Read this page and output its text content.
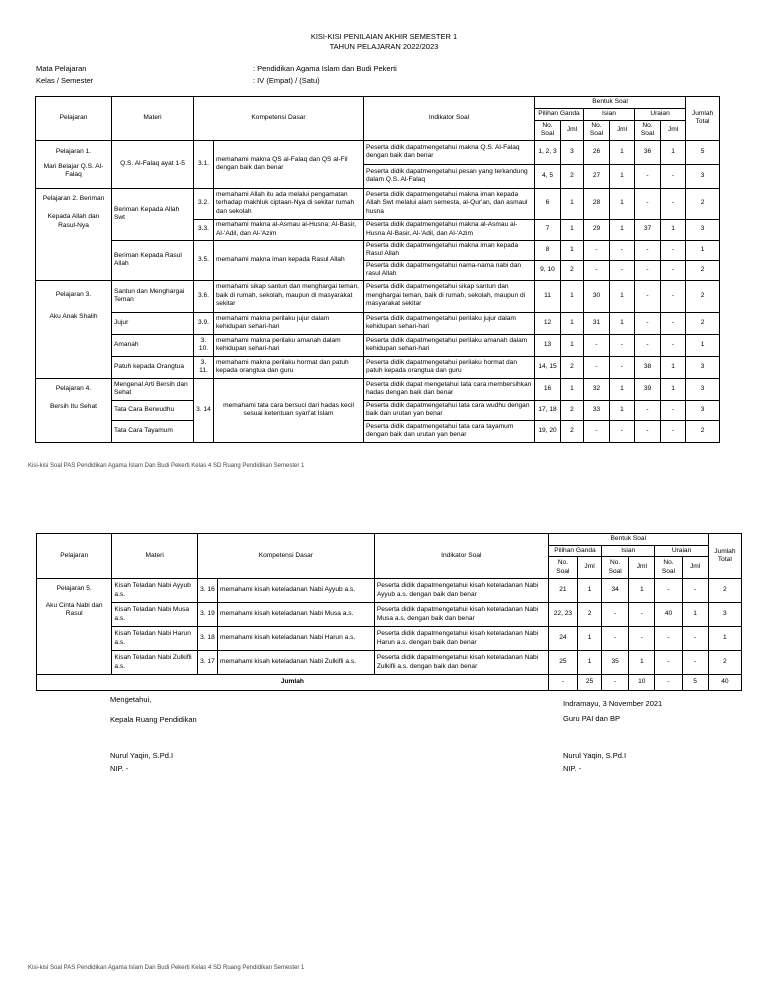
KISI-KISI PENILAIAN AKHIR SEMESTER 1
TAHUN PELAJARAN 2022/2023
Mata Pelajaran	: Pendidikan Agama Islam dan Budi Pekerti
Kelas / Semester	: IV (Empat) / (Satu)
Pelajaran	Materi	Kompetensi Dasar		Indikator Soal	Bentuk Soal						Jumlah Total
					Pilihan Ganda		Isian		Uraian		
					No. Soal	Jml	No. Soal	Jml	No. Soal	Jml	

Pelajaran 1.
Mari Belajar Q.S. Al-Falaq	Q.S. Al-Falaq ayat 1-5	3.1.	memahami makna QS al-Falaq dan QS al-Fil dengan baik dan benar	Peserta didik dapatmengetahui makna Q.S. Al-Falaq dengan baik dan benar	1, 2, 3	3	26	1	36	1	5
				Peserta didik dapatmengetahui pesan yang terkandung dalam Q.S. Al-Falaq	4, 5	2	27	1	-	-	3

Pelajaran 2. Beriman
Kepada Allah dan Rasul-Nya	Beriman Kepada Allah Swt	3.2.	memahami Allah itu ada melalui pengamatan terhadap makhluk ciptaan-Nya di sekitar rumah dan sekolah	Peserta didik dapatmengetahui makna iman kepada Allah Swt melalui alam semesta, al-Qur'an, dan asmaul husna	6	1	28	1	-	-	2
		3.3.	memahami makna al-Asmau al-Husna: Al-Basir, Al-'Adil, dan Al-'Azim	Peserta didik dapatmengetahui makna al-Asmau al-Husna Al-Basir, Al-'Adil, dan Al-'Azim	7	1	29	1	37	1	3
	Beriman Kepada Rasul Allah	3.5.	memahami makna iman kepada Rasul Allah	Peserta didik dapatmengetahui makna iman kepada Rasul Allah	8	1	-	-	-	-	1
				Peserta didik dapatmengetahui nama-nama nabi dan rasul Allah	9, 10	2	-	-	-	-	2

Pelajaran 3.
Aku Anak Shalih	Santun dan Menghargai Teman	3.6.	memahami sikap santun dan menghargai teman, baik di rumah, sekolah, maupun di masyarakat sekitar	Peserta didik dapatmengetahui sikap santun dan menghargai teman, baik di rumah, sekolah, maupun di masyarakat sekitar	11	1	30	1	-	-	2
	Jujur	3.9.	memahami makna perilaku jujur dalam kehidupan sehari-hari	Peserta didik dapatmengetahui perilaku jujur dalam kehidupan sehari-hari	12	1	31	1	-	-	2
	Amanah	3. 10.	memahami makna perilaku amanah dalam kehidupan sehari-hari	Peserta didik dapatmengetahui perilaku amanah dalam kehidupan sehari-hari	13	1	-	-	-	-	1
	Patuh kepada Orangtua	3. 11.	memahami makna perilaku hormat dan patuh kepada orangtua dan guru	Peserta didik dapatmengetahui perilaku hormat dan patuh kepada orangtua dan guru	14, 15	2	-	-	38	1	3

Pelajaran 4.
Bersih Itu Sehat	Mengenal Arti Bersih dan Sehat	3. 14	memahami tata cara bersuci dari hadas kecil sesuai ketentuan syari'at Islam	Peserta didik dapat mengetahui tata cara membersihkan hadas dengan baik dan benar	16	1	32	1	39	1	3
	Tata Cara Berwudhu			Peserta didik dapatmengetahui tata cara wudhu dengan baik dan urutan yan benar	17, 18	2	33	1	-	-	3
	Tata Cara Tayamum			Peserta didik dapatmengetahui tata cara tayamum dengan baik dan urutan yan benar	19, 20	2	-	-	-	-	2
Kisi-kisi Soal PAS Pendidikan Agama Islam Dan Budi Pekerti Kelas 4 SD Ruang Pendidikan Semester 1
Pelajaran	Materi	Kompetensi Dasar		Indikator Soal	Bentuk Soal						Jumlah Total
					Pilihan Ganda		Isian		Uraian		
					No. Soal	Jml	No. Soal	Jml	No. Soal	Jml	

Pelajaran 5.
Aku Cinta Nabi dan Rasul	Kisah Teladan Nabi Ayyub a.s.	3. 16	memahami kisah keteladanan Nabi Ayyub a.s.	Peserta didik dapatmengetahui kisah keteladanan Nabi Ayyub a.s. dengan baik dan benar	21	1	34	1	-	-	2
	Kisah Teladan Nabi Musa a.s.	3. 19	memahami kisah keteladanan Nabi Musa a.s.	Peserta didik dapatmengetahui kisah keteladanan Nabi Musa a.s. dengan baik dan benar	22, 23	2	-	-	40	1	3
	Kisah Teladan Nabi Harun a.s.	3. 18	memahami kisah keteladanan Nabi Harun a.s.	Peserta didik dapatmengetahui kisah keteladanan Nabi Harun a.s. dengan baik dan benar	24	1	-	-	-	-	1
	Kisah Teladan Nabi Zulkifli a.s.	3. 17	memahami kisah keteladanan Nabi Zulkifli a.s.	Peserta didik dapatmengetahui kisah keteladanan Nabi Zulkifli a.s. dengan baik dan benar	25	1	35	1	-	-	2
Jumlah					-	25	-	10	-	5	40
Mengetahui,
Kepala Ruang Pendidikan
Nurul Yaqin, S.Pd.I
NIP. -
Indramayu, 3 November 2021
Guru PAI dan BP
Nurul Yaqin, S.Pd.I
NIP. -
Kisi-kisi Soal PAS Pendidikan Agama Islam Dan Budi Pekerti Kelas 4 SD Ruang Pendidikan Semester 1
